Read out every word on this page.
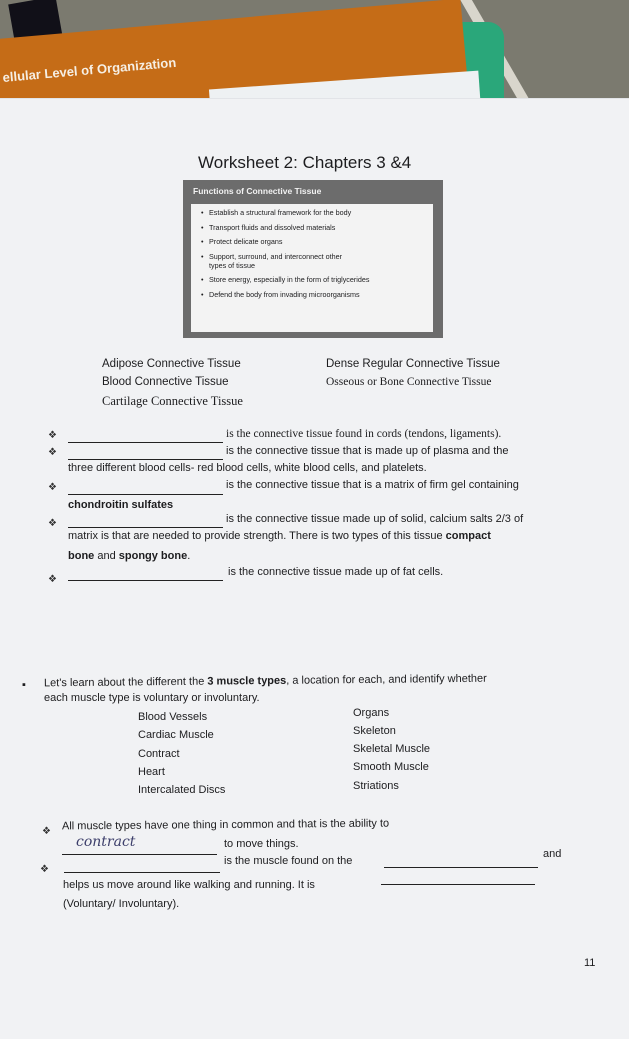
ellular Level of Organization
Worksheet 2: Chapters 3 &4
Functions of Connective Tissue
• Establish a structural framework for the body
• Transport fluids and dissolved materials
• Protect delicate organs
• Support, surround, and interconnect other types of tissue
• Store energy, especially in the form of triglycerides
• Defend the body from invading microorganisms
Adipose Connective Tissue
Blood Connective Tissue
Cartilage Connective Tissue
Dense Regular Connective Tissue
Osseous or Bone Connective Tissue
❖	is the connective tissue found in cords (tendons, ligaments).
❖	is the connective tissue that is made up of plasma and the
three different blood cells- red blood cells, white blood cells, and platelets.
❖	is the connective tissue that is a matrix of firm gel containing
chondroitin sulfates
❖	is the connective tissue made up of solid, calcium salts 2/3 of
matrix is that are needed to provide strength. There is two types of this tissue compact
bone and spongy bone.
❖
is the connective tissue made up of fat cells.
▪ Let's learn about the different the 3 muscle types, a location for each, and identify whether
each muscle type is voluntary or involuntary.
Blood Vessels
Cardiac Muscle
Contract
Heart
Intercalated Discs
Organs
Skeleton
Skeletal Muscle
Smooth Muscle
Striations
❖ All muscle types have one thing in common and that is the ability to
contract	to move things.
❖
is the muscle found on the
and
helps us move around like walking and running. It is
(Voluntary/ Involuntary).
11
